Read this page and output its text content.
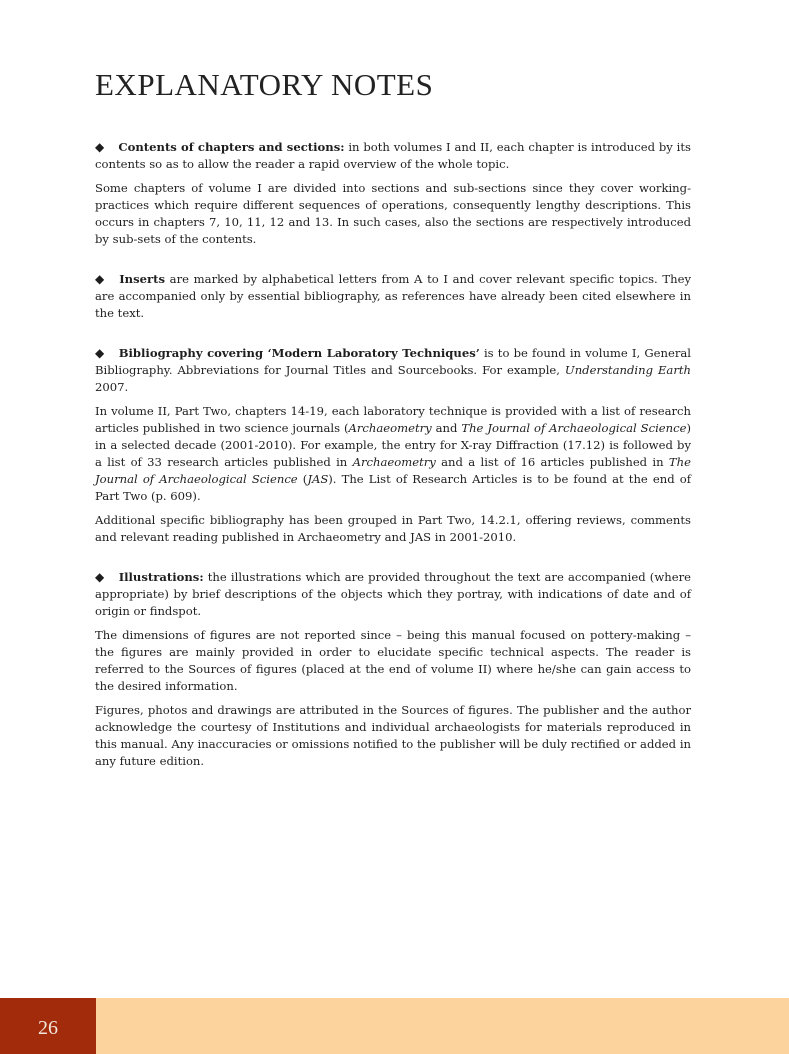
EXPLANATORY NOTES

◆ Contents of chapters and sections: in both volumes I and II, each chapter is introduced by its contents so as to allow the reader a rapid overview of the whole topic.

Some chapters of volume I are divided into sections and sub-sections since they cover working-practices which require different sequences of operations, consequently lengthy descriptions. This occurs in chapters 7, 10, 11, 12 and 13. In such cases, also the sections are respectively introduced by sub-sets of the contents.

◆ Inserts are marked by alphabetical letters from A to I and cover relevant specific topics. They are accompanied only by essential bibliography, as references have already been cited elsewhere in the text.

◆ Bibliography covering ‘Modern Laboratory Techniques’ is to be found in volume I, General Bibliography. Abbreviations for Journal Titles and Sourcebooks. For example, Understanding Earth 2007.

In volume II, Part Two, chapters 14-19, each laboratory technique is provided with a list of research articles published in two science journals (Archaeometry and The Journal of Archaeological Science) in a selected decade (2001-2010). For example, the entry for X-ray Diffraction (17.12) is followed by a list of 33 research articles published in Archaeometry and a list of 16 articles published in The Journal of Archaeological Science (JAS). The List of Research Articles is to be found at the end of Part Two (p. 609).

Additional specific bibliography has been grouped in Part Two, 14.2.1, offering reviews, comments and relevant reading published in Archaeometry and JAS in 2001-2010.

◆ Illustrations: the illustrations which are provided throughout the text are accompanied (where appropriate) by brief descriptions of the objects which they portray, with indications of date and of origin or findspot.

The dimensions of figures are not reported since – being this manual focused on pottery-making – the figures are mainly provided in order to elucidate specific technical aspects. The reader is referred to the Sources of figures (placed at the end of volume II) where he/she can gain access to the desired information.

Figures, photos and drawings are attributed in the Sources of figures. The publisher and the author acknowledge the courtesy of Institutions and individual archaeologists for materials reproduced in this manual. Any inaccuracies or omissions notified to the publisher will be duly rectified or added in any future edition.

26
